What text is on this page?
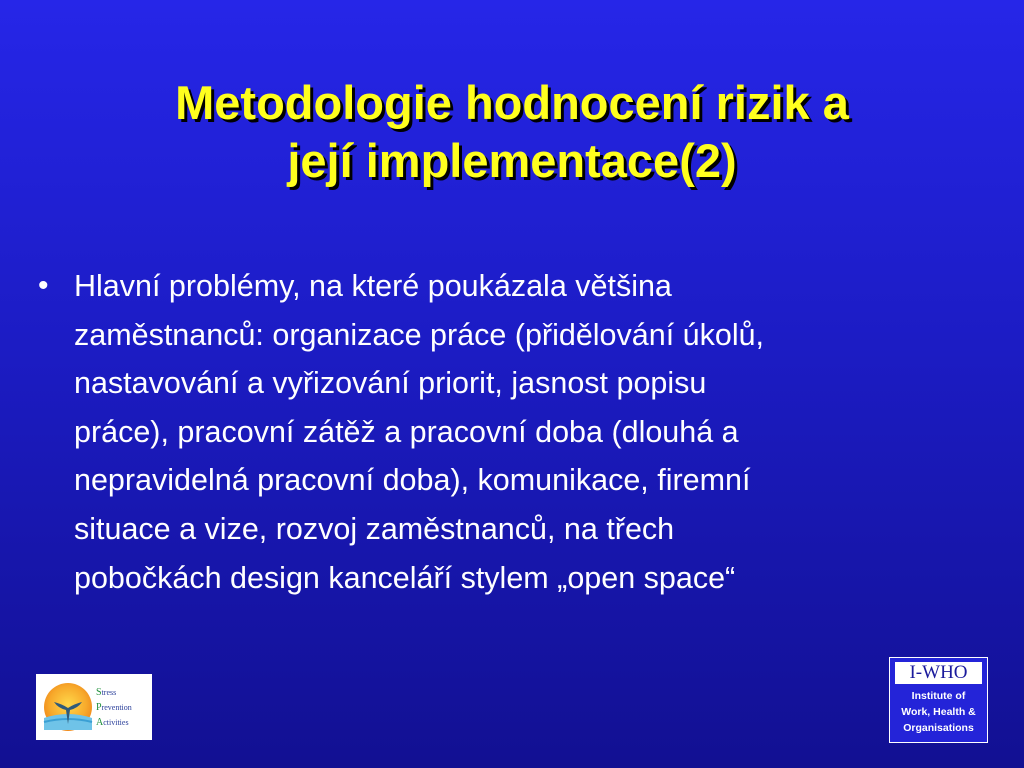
Metodologie hodnocení rizik a
její implementace(2)
• Hlavní problémy, na které poukázala většina
zaměstnanců: organizace práce (přidělování úkolů,
nastavování a vyřizování priorit, jasnost popisu
práce), pracovní zátěž a pracovní doba (dlouhá a
nepravidelná pracovní doba), komunikace, firemní
situace a vize, rozvoj zaměstnanců, na třech
pobočkách design kanceláří stylem „open space“
Stress
Prevention
Activities
I-WHO
Institute of
Work, Health &
Organisations
